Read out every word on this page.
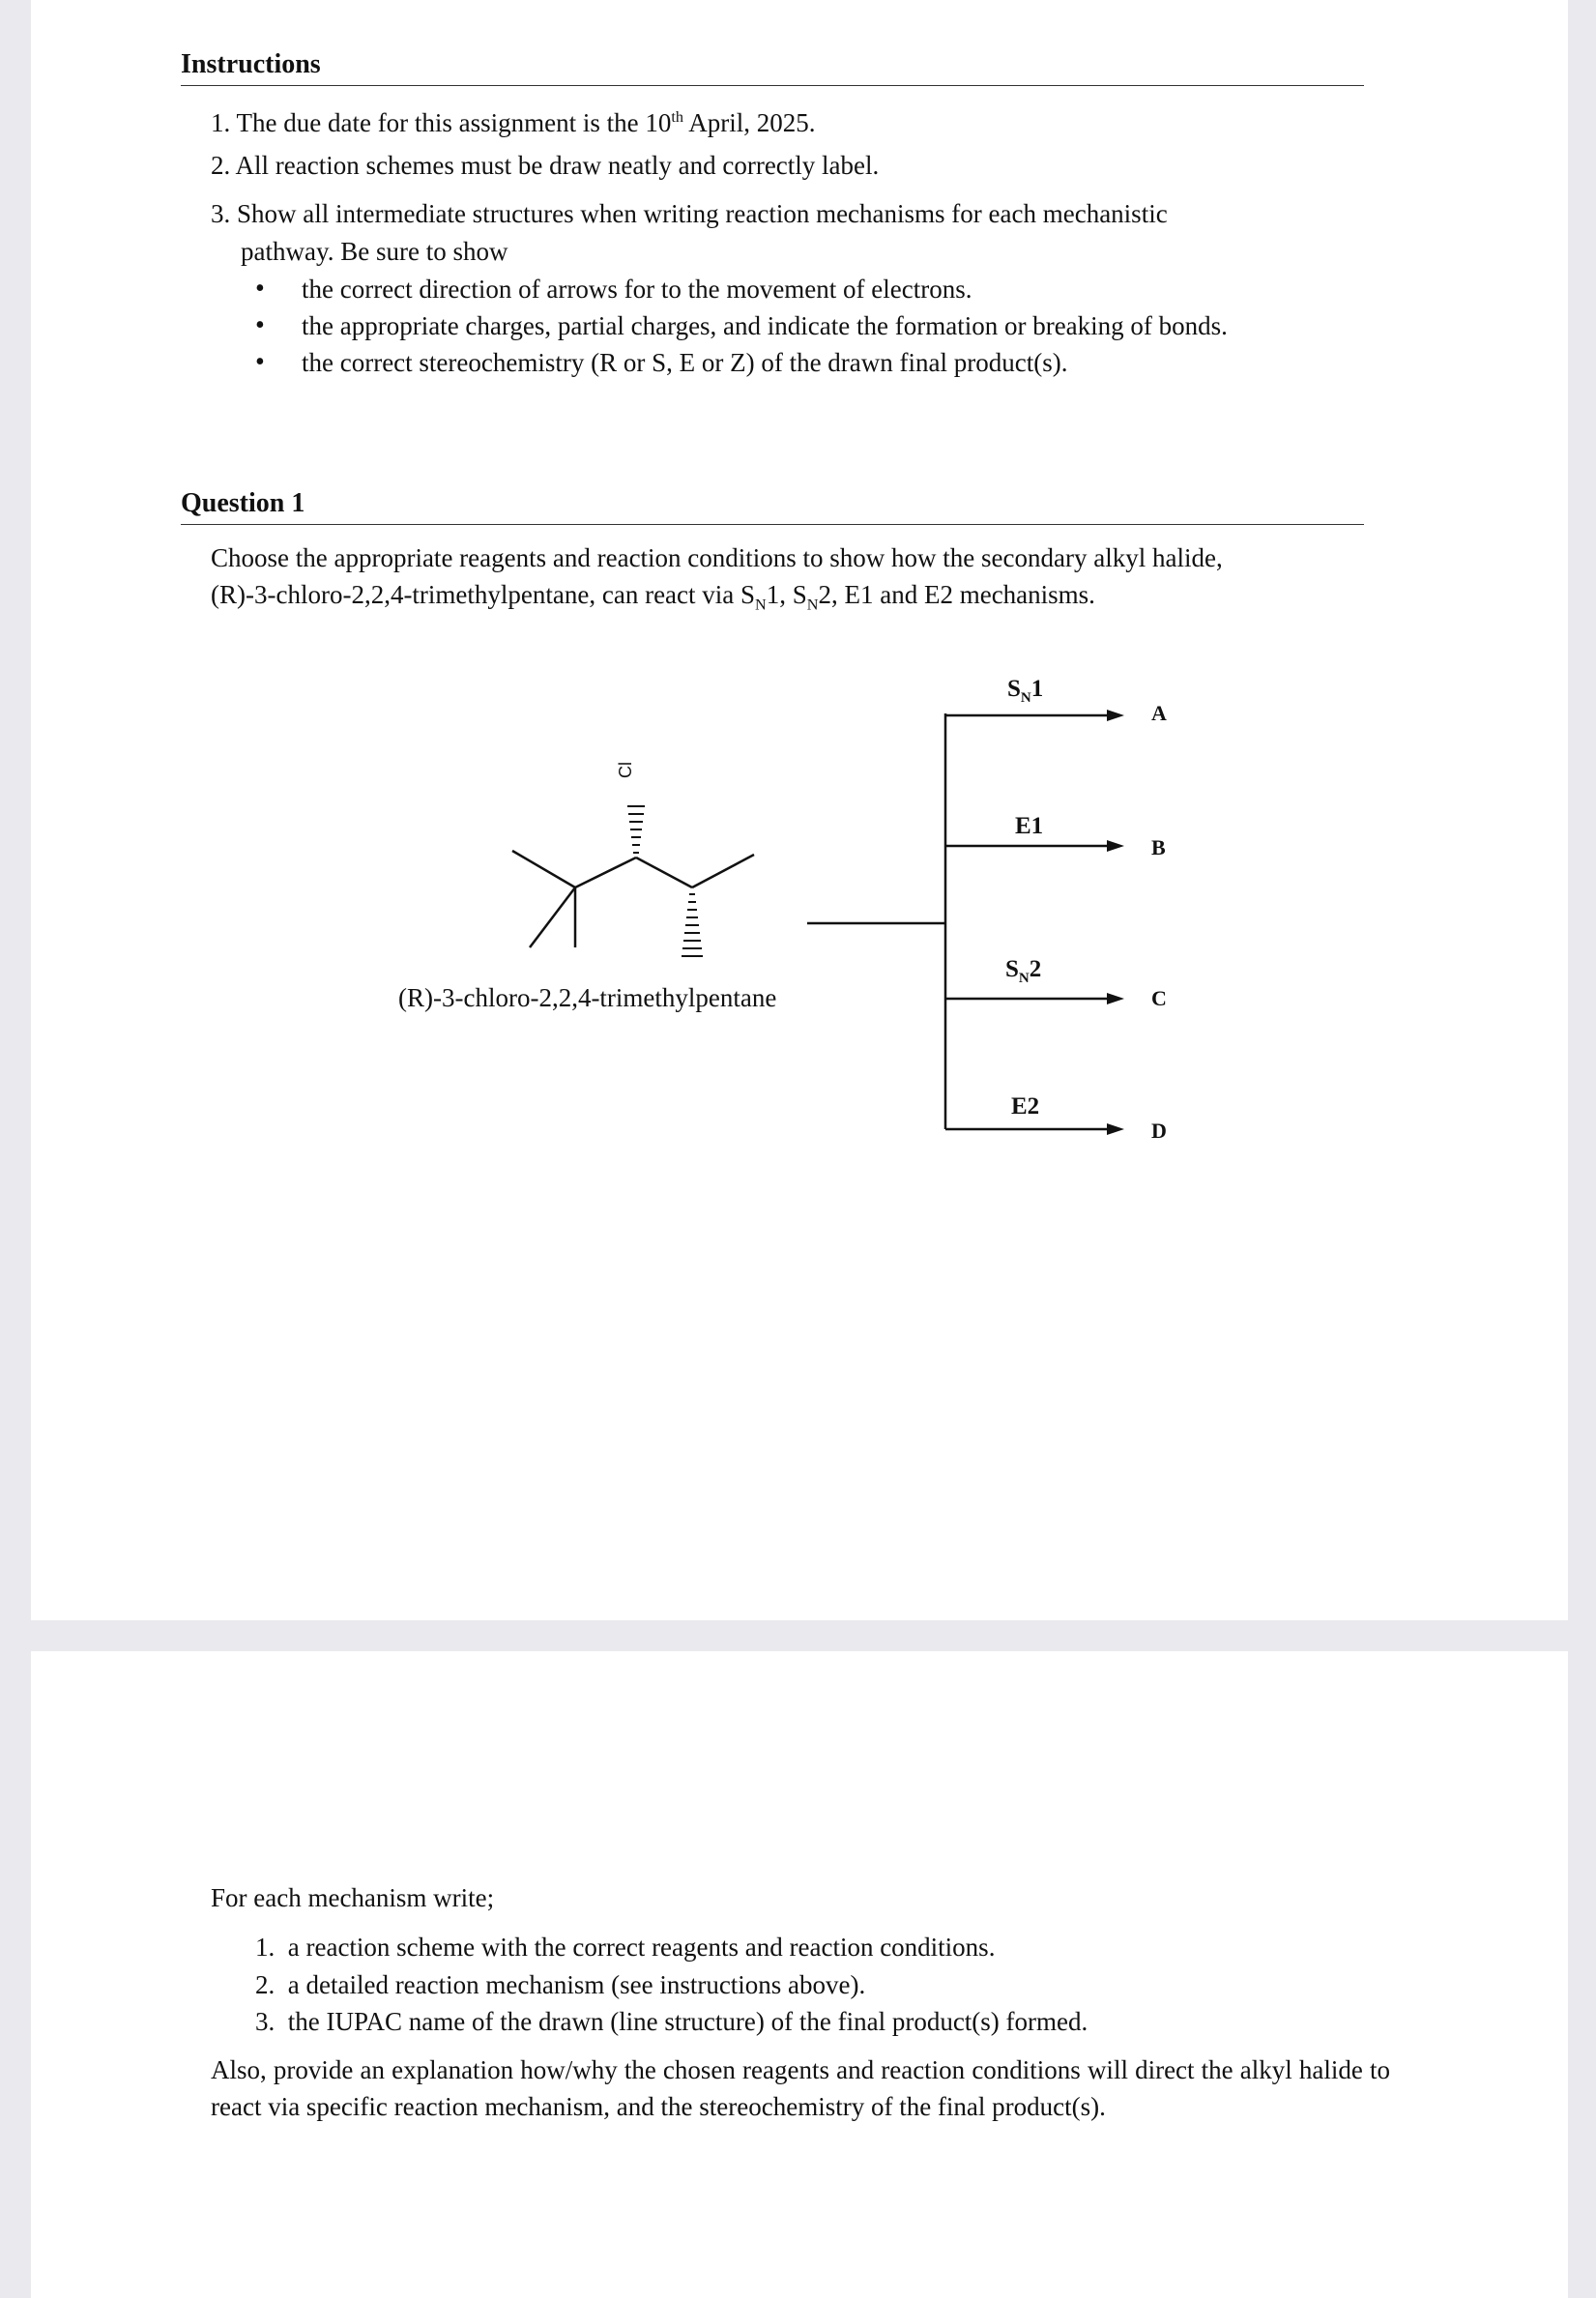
Instructions
1. The due date for this assignment is the 10th April, 2025.
2. All reaction schemes must be draw neatly and correctly label.
3. Show all intermediate structures when writing reaction mechanisms for each mechanistic
pathway. Be sure to show
• the correct direction of arrows for to the movement of electrons.
• the appropriate charges, partial charges, and indicate the formation or breaking of bonds.
• the correct stereochemistry (R or S, E or Z) of the drawn final product(s).
Question 1
Choose the appropriate reagents and reaction conditions to show how the secondary alkyl halide,
(R)-3-chloro-2,2,4-trimethylpentane, can react via $S_N1$, $S_N2$, E1 and E2 mechanisms.
Cl
(R)-3-chloro-2,2,4-trimethylpentane
$S_N1$
E1
$S_N2$
E2
A
B
C
D
For each mechanism write;
1.  a reaction scheme with the correct reagents and reaction conditions.
2.  a detailed reaction mechanism (see instructions above).
3.  the IUPAC name of the drawn (line structure) of the final product(s) formed.
Also, provide an explanation how/why the chosen reagents and reaction conditions will direct the alkyl halide to react via specific reaction mechanism, and the stereochemistry of the final product(s).
